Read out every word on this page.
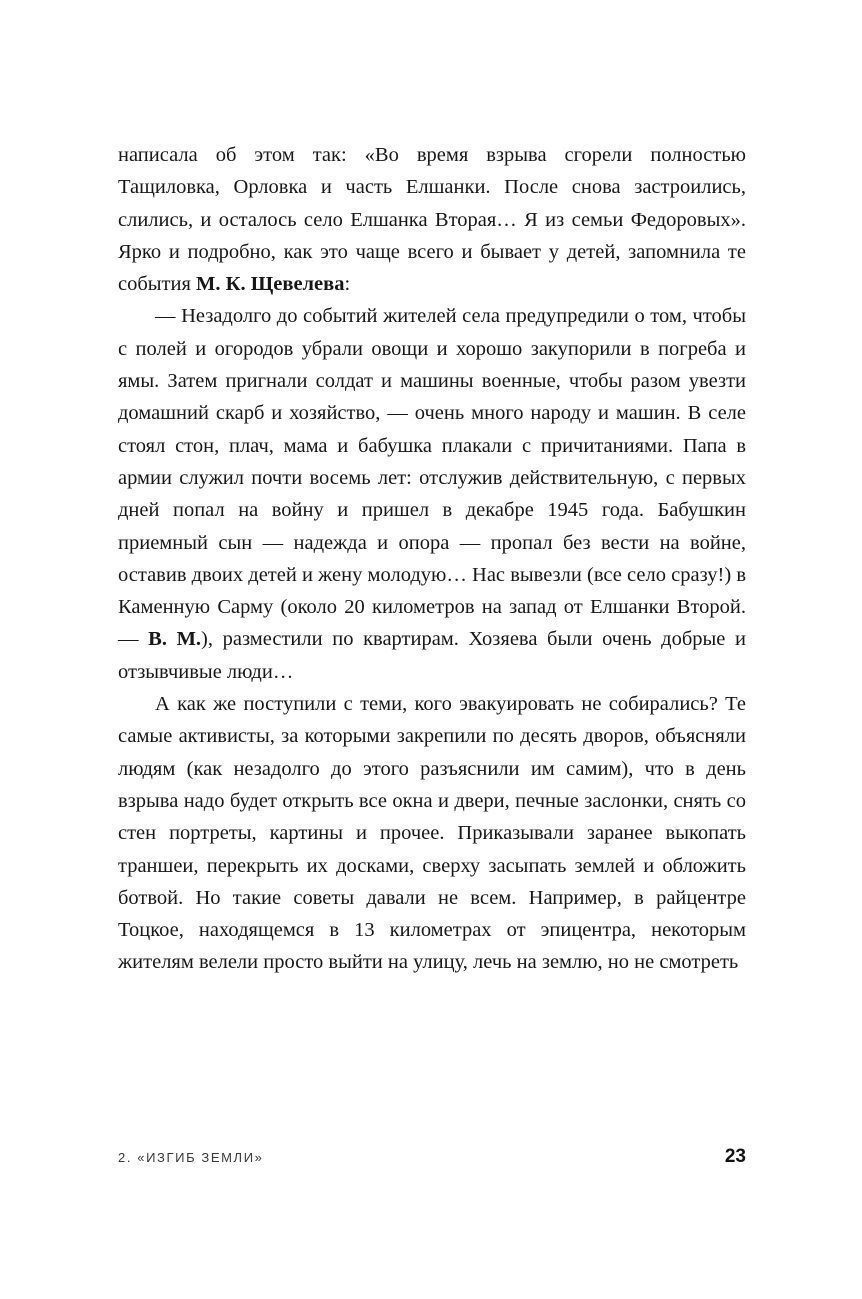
написала об этом так: «Во время взрыва сгорели полностью Тащиловка, Орловка и часть Елшанки. После снова застроились, слились, и осталось село Елшанка Вторая… Я из семьи Федоровых». Ярко и подробно, как это чаще всего и бывает у детей, запомнила те события М. К. Щевелева:

— Незадолго до событий жителей села предупредили о том, чтобы с полей и огородов убрали овощи и хорошо закупорили в погреба и ямы. Затем пригнали солдат и машины военные, чтобы разом увезти домашний скарб и хозяйство, — очень много народу и машин. В селе стоял стон, плач, мама и бабушка плакали с причитаниями. Папа в армии служил почти восемь лет: отслужив действительную, с первых дней попал на войну и пришел в декабре 1945 года. Бабушкин приемный сын — надежда и опора — пропал без вести на войне, оставив двоих детей и жену молодую… Нас вывезли (все село сразу!) в Каменную Сарму (около 20 километров на запад от Елшанки Второй. — В. М.), разместили по квартирам. Хозяева были очень добрые и отзывчивые люди…

А как же поступили с теми, кого эвакуировать не собирались? Те самые активисты, за которыми закрепили по десять дворов, объясняли людям (как незадолго до этого разъяснили им самим), что в день взрыва надо будет открыть все окна и двери, печные заслонки, снять со стен портреты, картины и прочее. Приказывали заранее выкопать траншеи, перекрыть их досками, сверху засыпать землей и обложить ботвой. Но такие советы давали не всем. Например, в райцентре Тоцкое, находящемся в 13 километрах от эпицентра, некоторым жителям велели просто выйти на улицу, лечь на землю, но не смотреть

2. «ИЗГИБ ЗЕМЛИ»	23
